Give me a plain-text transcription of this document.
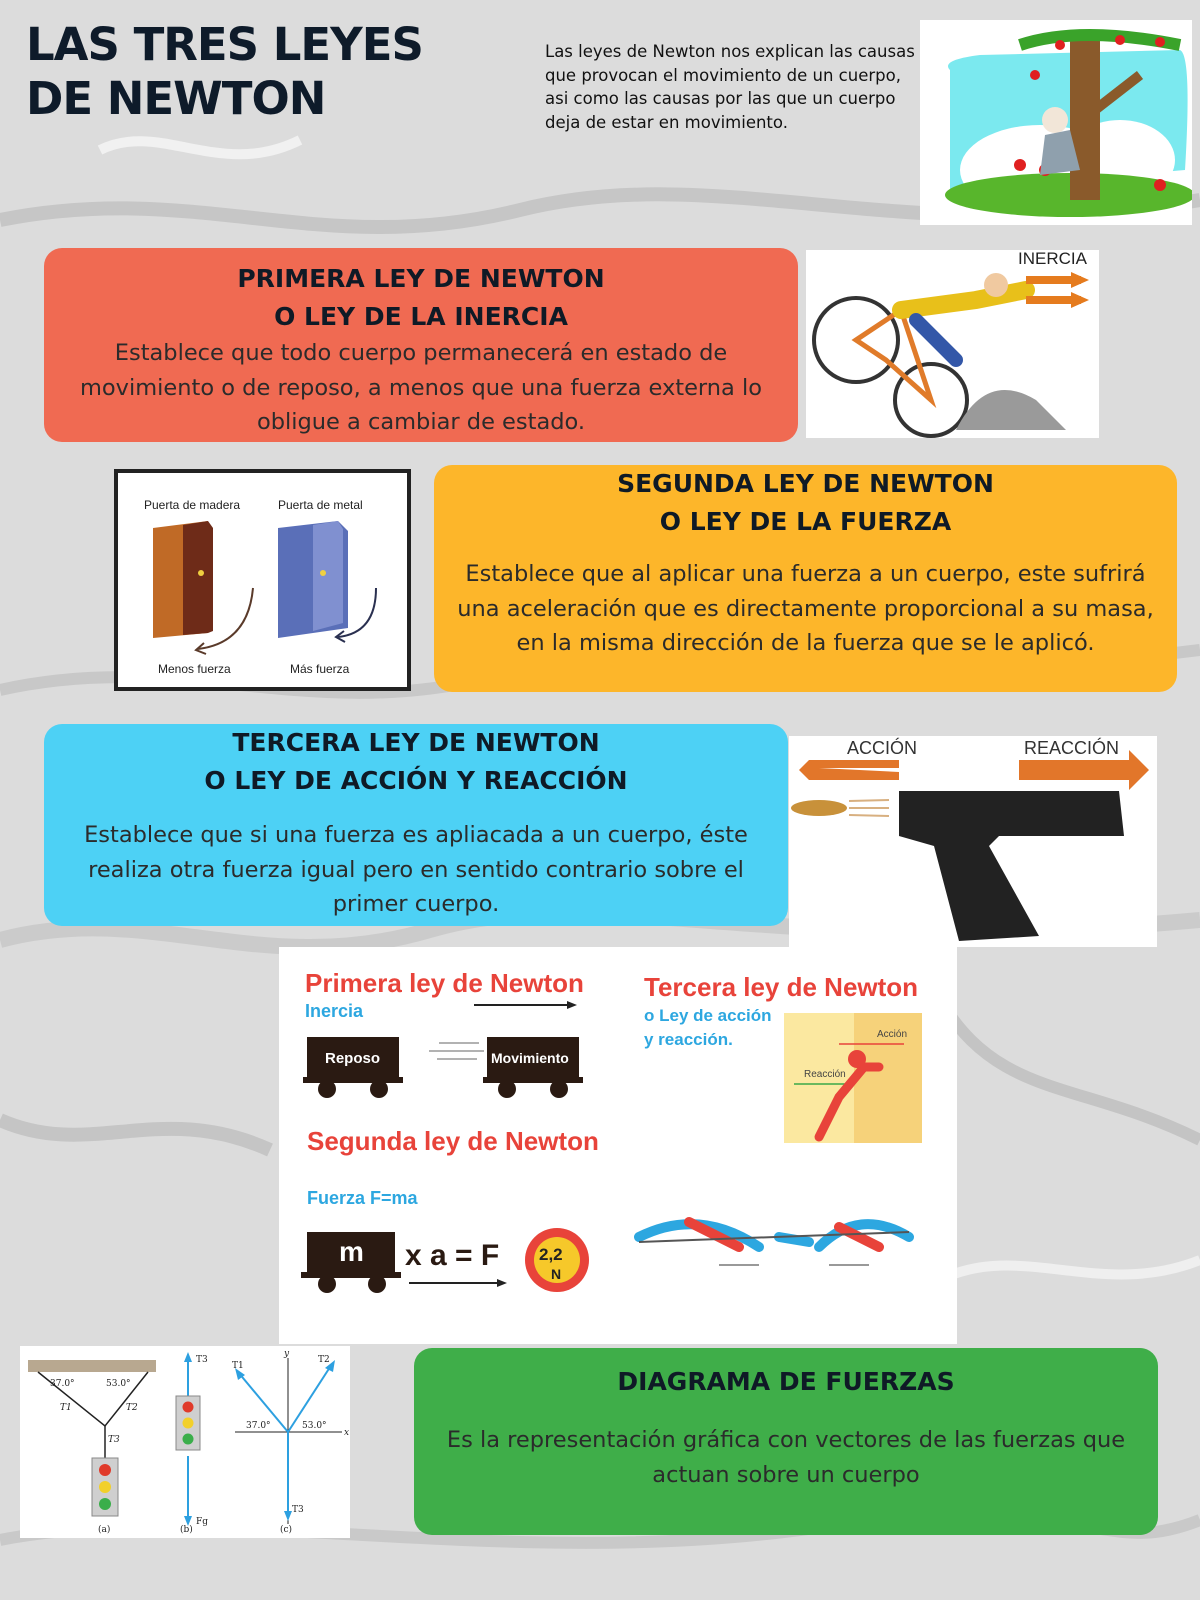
LAS TRES LEYES
DE NEWTON
Las leyes de Newton nos explican las causas que provocan el movimiento de un cuerpo, asi como las causas por las que un cuerpo deja de estar en movimiento.
PRIMERA LEY DE NEWTON
O LEY DE LA INERCIA

Establece que todo cuerpo permanecerá en estado de movimiento o de reposo, a menos que una fuerza externa lo obligue a cambiar de estado.

INERCIA
Puerta de madera	Puerta de metal
Menos fuerza	Más fuerza
SEGUNDA LEY DE NEWTON
O LEY DE LA FUERZA

Establece que al aplicar una fuerza a un cuerpo, este sufrirá una aceleración que es directamente proporcional a su masa, en la misma dirección de la fuerza que se le aplicó.

TERCERA LEY DE NEWTON
O LEY DE ACCIÓN Y REACCIÓN

Establece que si una fuerza es apliacada a un cuerpo, éste realiza otra fuerza igual pero en sentido contrario sobre el primer cuerpo.

ACCIÓN	REACCIÓN
Primera ley de Newton
Inercia
Reposo	Movimiento
Segunda ley de Newton
Fuerza F=ma
m x a = F 2,2
N
Tercera ley de Newton
o Ley de acción
y reacción.	Acción
Reacción
37.0°	53.0°
T1	T2
T3
(a)
T3
Fg
(b)
x
y
T1
T2
37.0°	53.0°
T3
(c)
DIAGRAMA DE FUERZAS

Es la representación gráfica con vectores de las fuerzas que actuan sobre un cuerpo
